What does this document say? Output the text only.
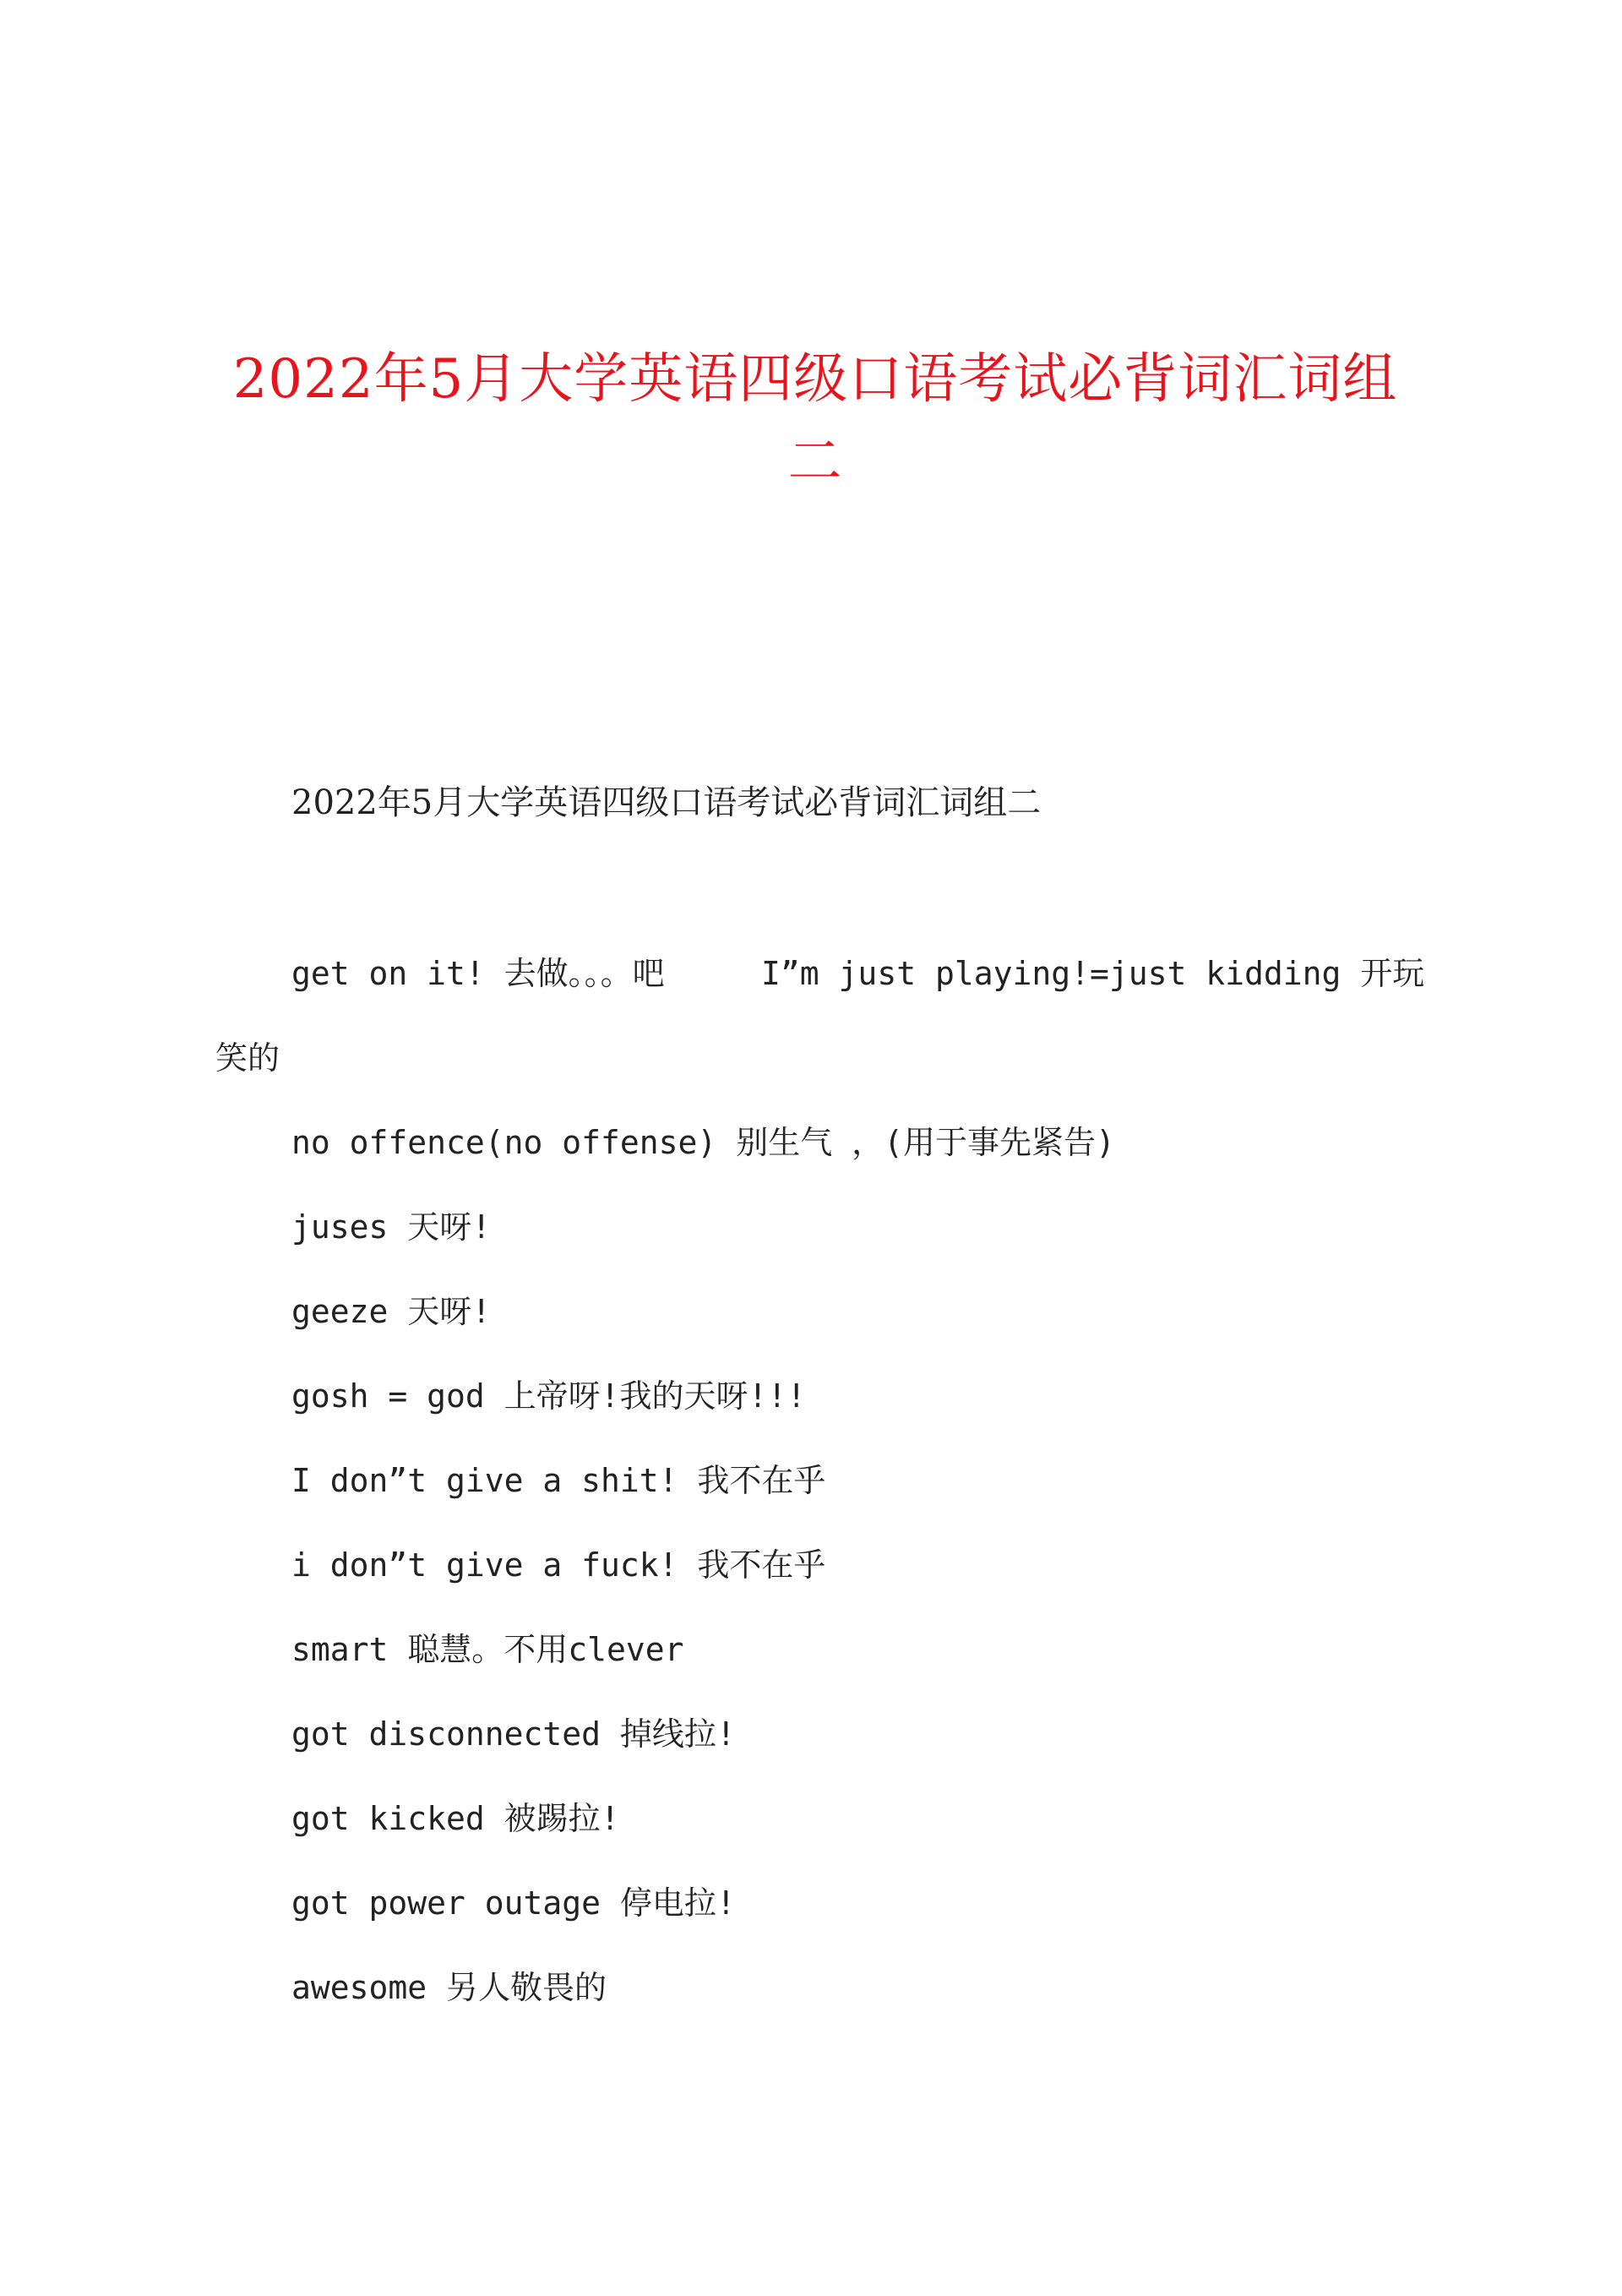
2022年5月大学英语四级口语考试必背词汇词组二

2022年5月大学英语四级口语考试必背词汇词组二

get on it! 去做。。。吧     I”m just playing!=just kidding 开玩笑的

no offence(no offense) 别生气 ，(用于事先紧告)

juses 天呀!

geeze 天呀!

gosh = god 上帝呀!我的天呀!!!

I don”t give a shit! 我不在乎

i don”t give a fuck! 我不在乎

smart 聪慧。不用clever

got disconnected 掉线拉!

got kicked 被踢拉!

got power outage 停电拉!

awesome 另人敬畏的
